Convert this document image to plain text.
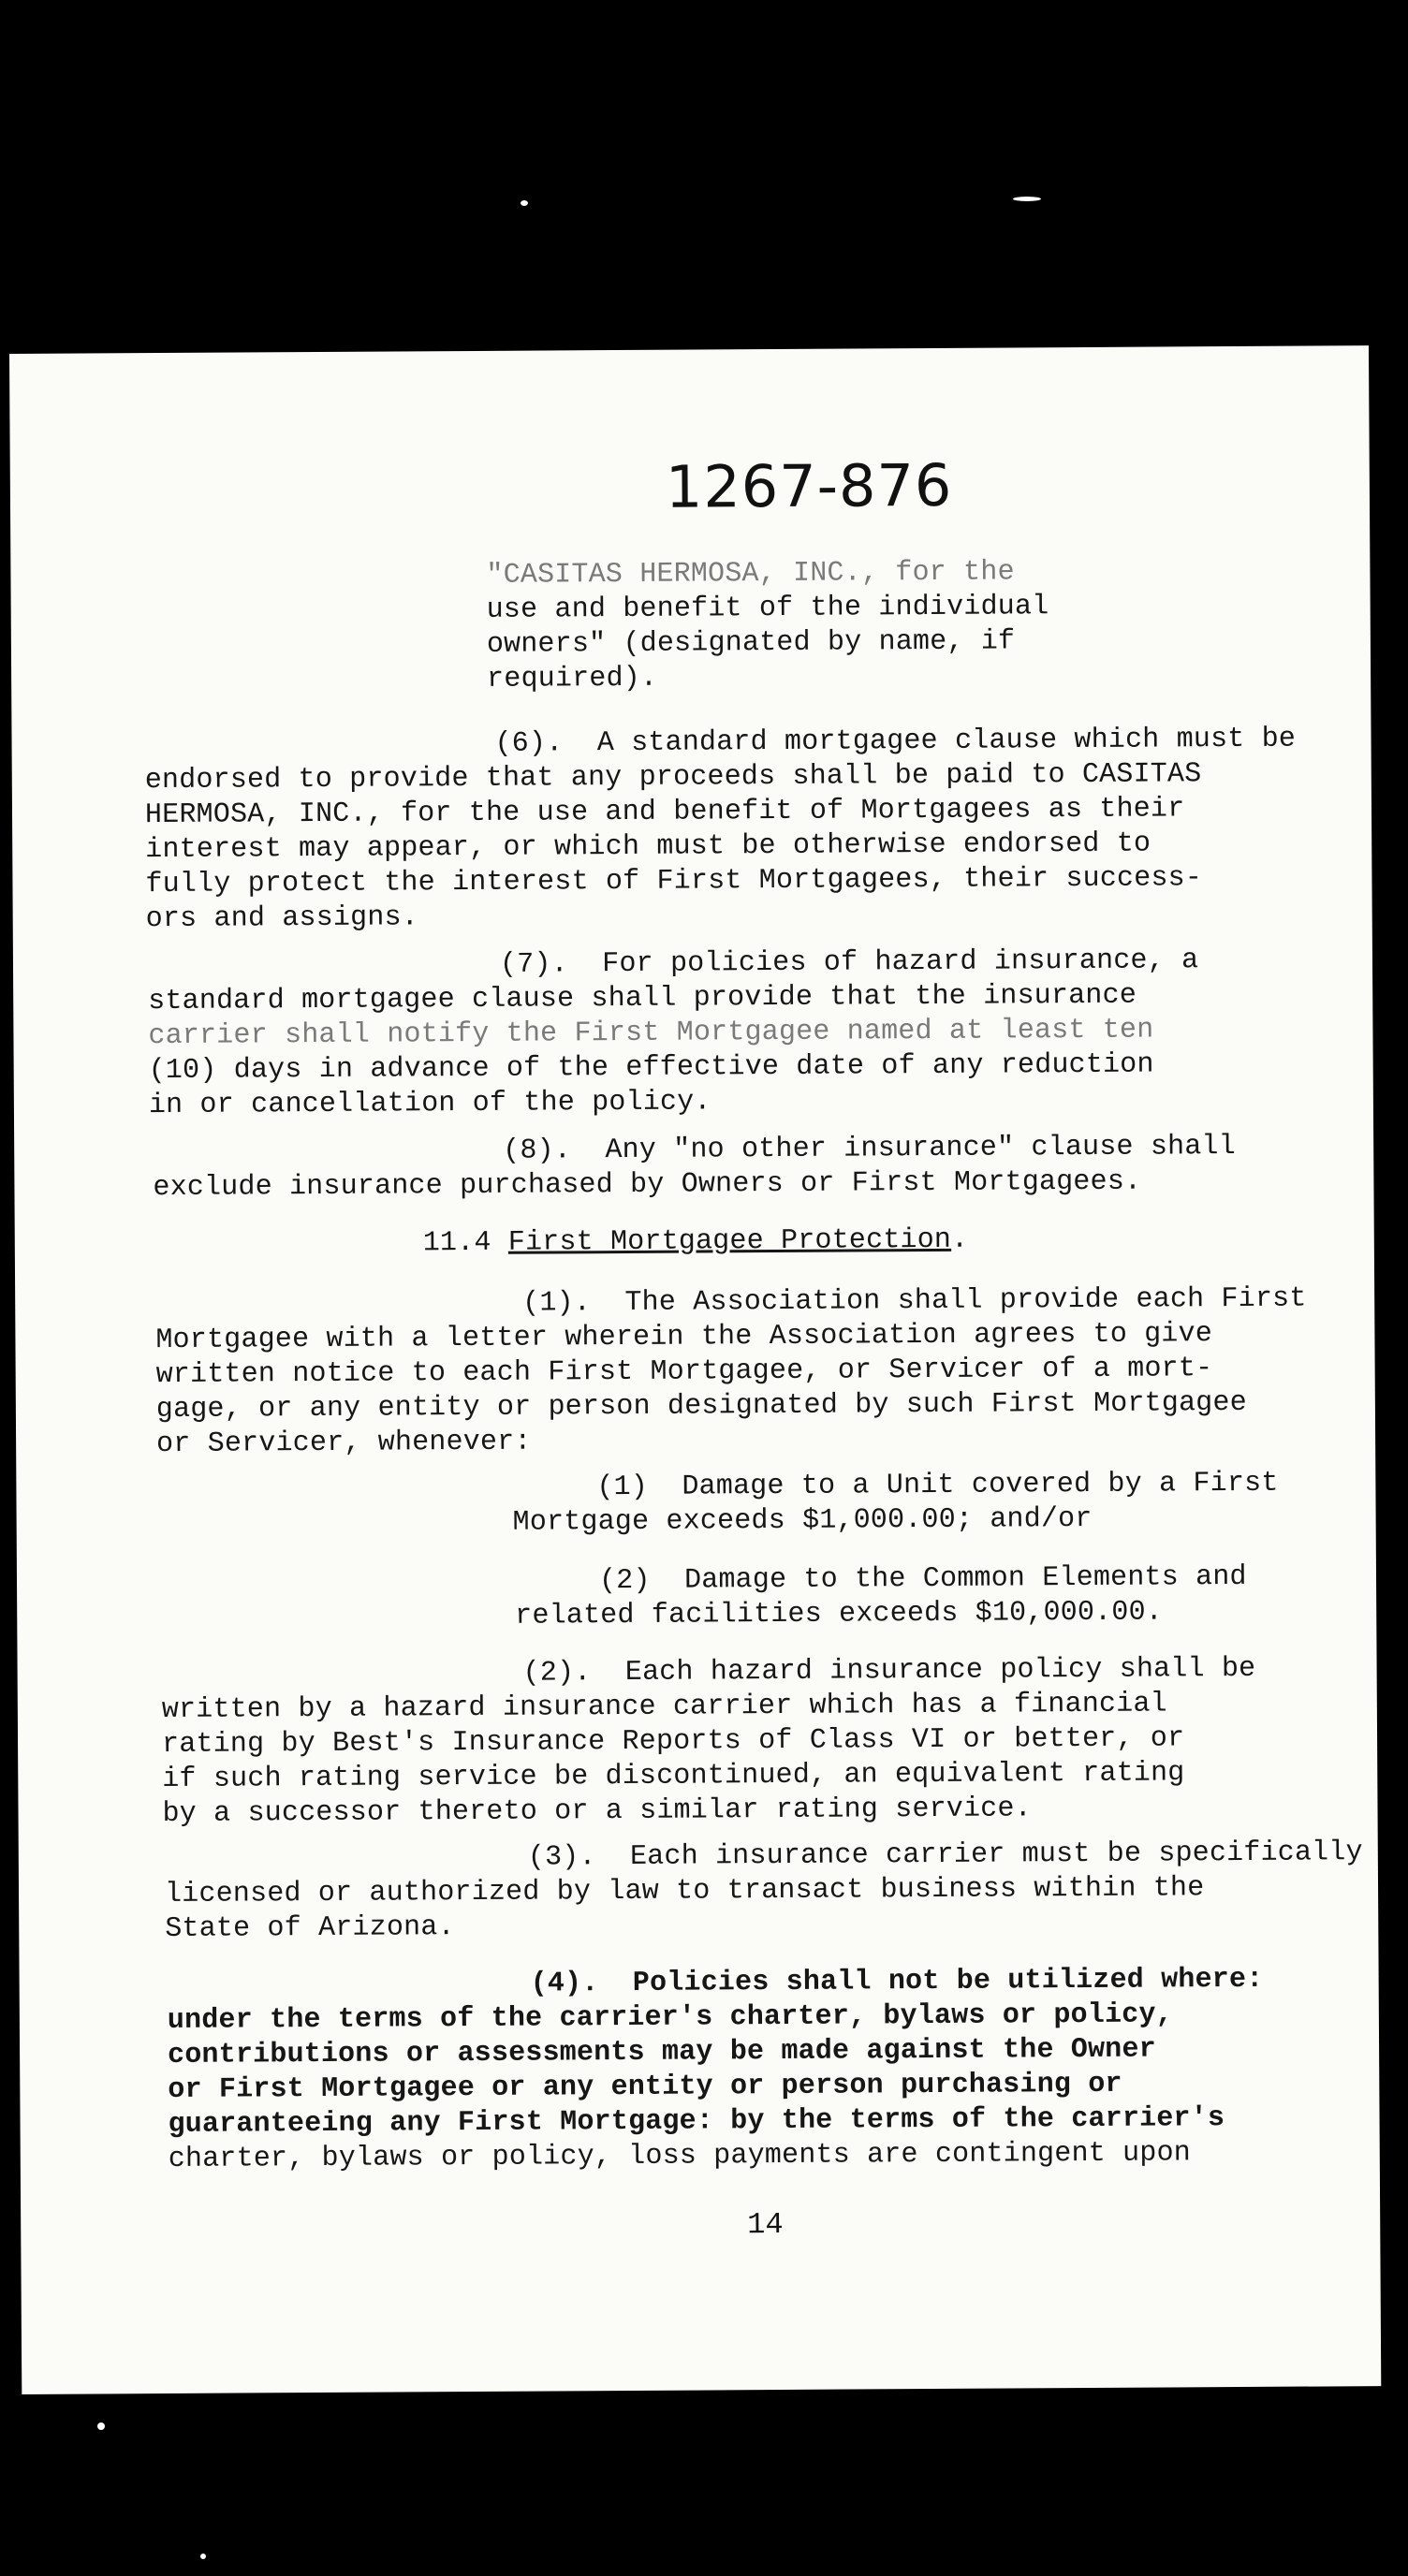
1267-876
"CASITAS HERMOSA, INC., for the
use and benefit of the individual
owners" (designated by name, if
required).
(6).  A standard mortgagee clause which must be
endorsed to provide that any proceeds shall be paid to CASITAS
HERMOSA, INC., for the use and benefit of Mortgagees as their
interest may appear, or which must be otherwise endorsed to
fully protect the interest of First Mortgagees, their success-
ors and assigns.
(7).  For policies of hazard insurance, a
standard mortgagee clause shall provide that the insurance
carrier shall notify the First Mortgagee named at least ten
(10) days in advance of the effective date of any reduction
in or cancellation of the policy.
(8).  Any "no other insurance" clause shall
exclude insurance purchased by Owners or First Mortgagees.
11.4 First Mortgagee Protection.
(1).  The Association shall provide each First
Mortgagee with a letter wherein the Association agrees to give
written notice to each First Mortgagee, or Servicer of a mort-
gage, or any entity or person designated by such First Mortgagee
or Servicer, whenever:
(1)  Damage to a Unit covered by a First
Mortgage exceeds $1,000.00; and/or
(2)  Damage to the Common Elements and
related facilities exceeds $10,000.00.
(2).  Each hazard insurance policy shall be
written by a hazard insurance carrier which has a financial
rating by Best's Insurance Reports of Class VI or better, or
if such rating service be discontinued, an equivalent rating
by a successor thereto or a similar rating service.
(3).  Each insurance carrier must be specifically
licensed or authorized by law to transact business within the
State of Arizona.
(4).  Policies shall not be utilized where:
under the terms of the carrier's charter, bylaws or policy,
contributions or assessments may be made against the Owner
or First Mortgagee or any entity or person purchasing or
guaranteeing any First Mortgage: by the terms of the carrier's
charter, bylaws or policy, loss payments are contingent upon
14
